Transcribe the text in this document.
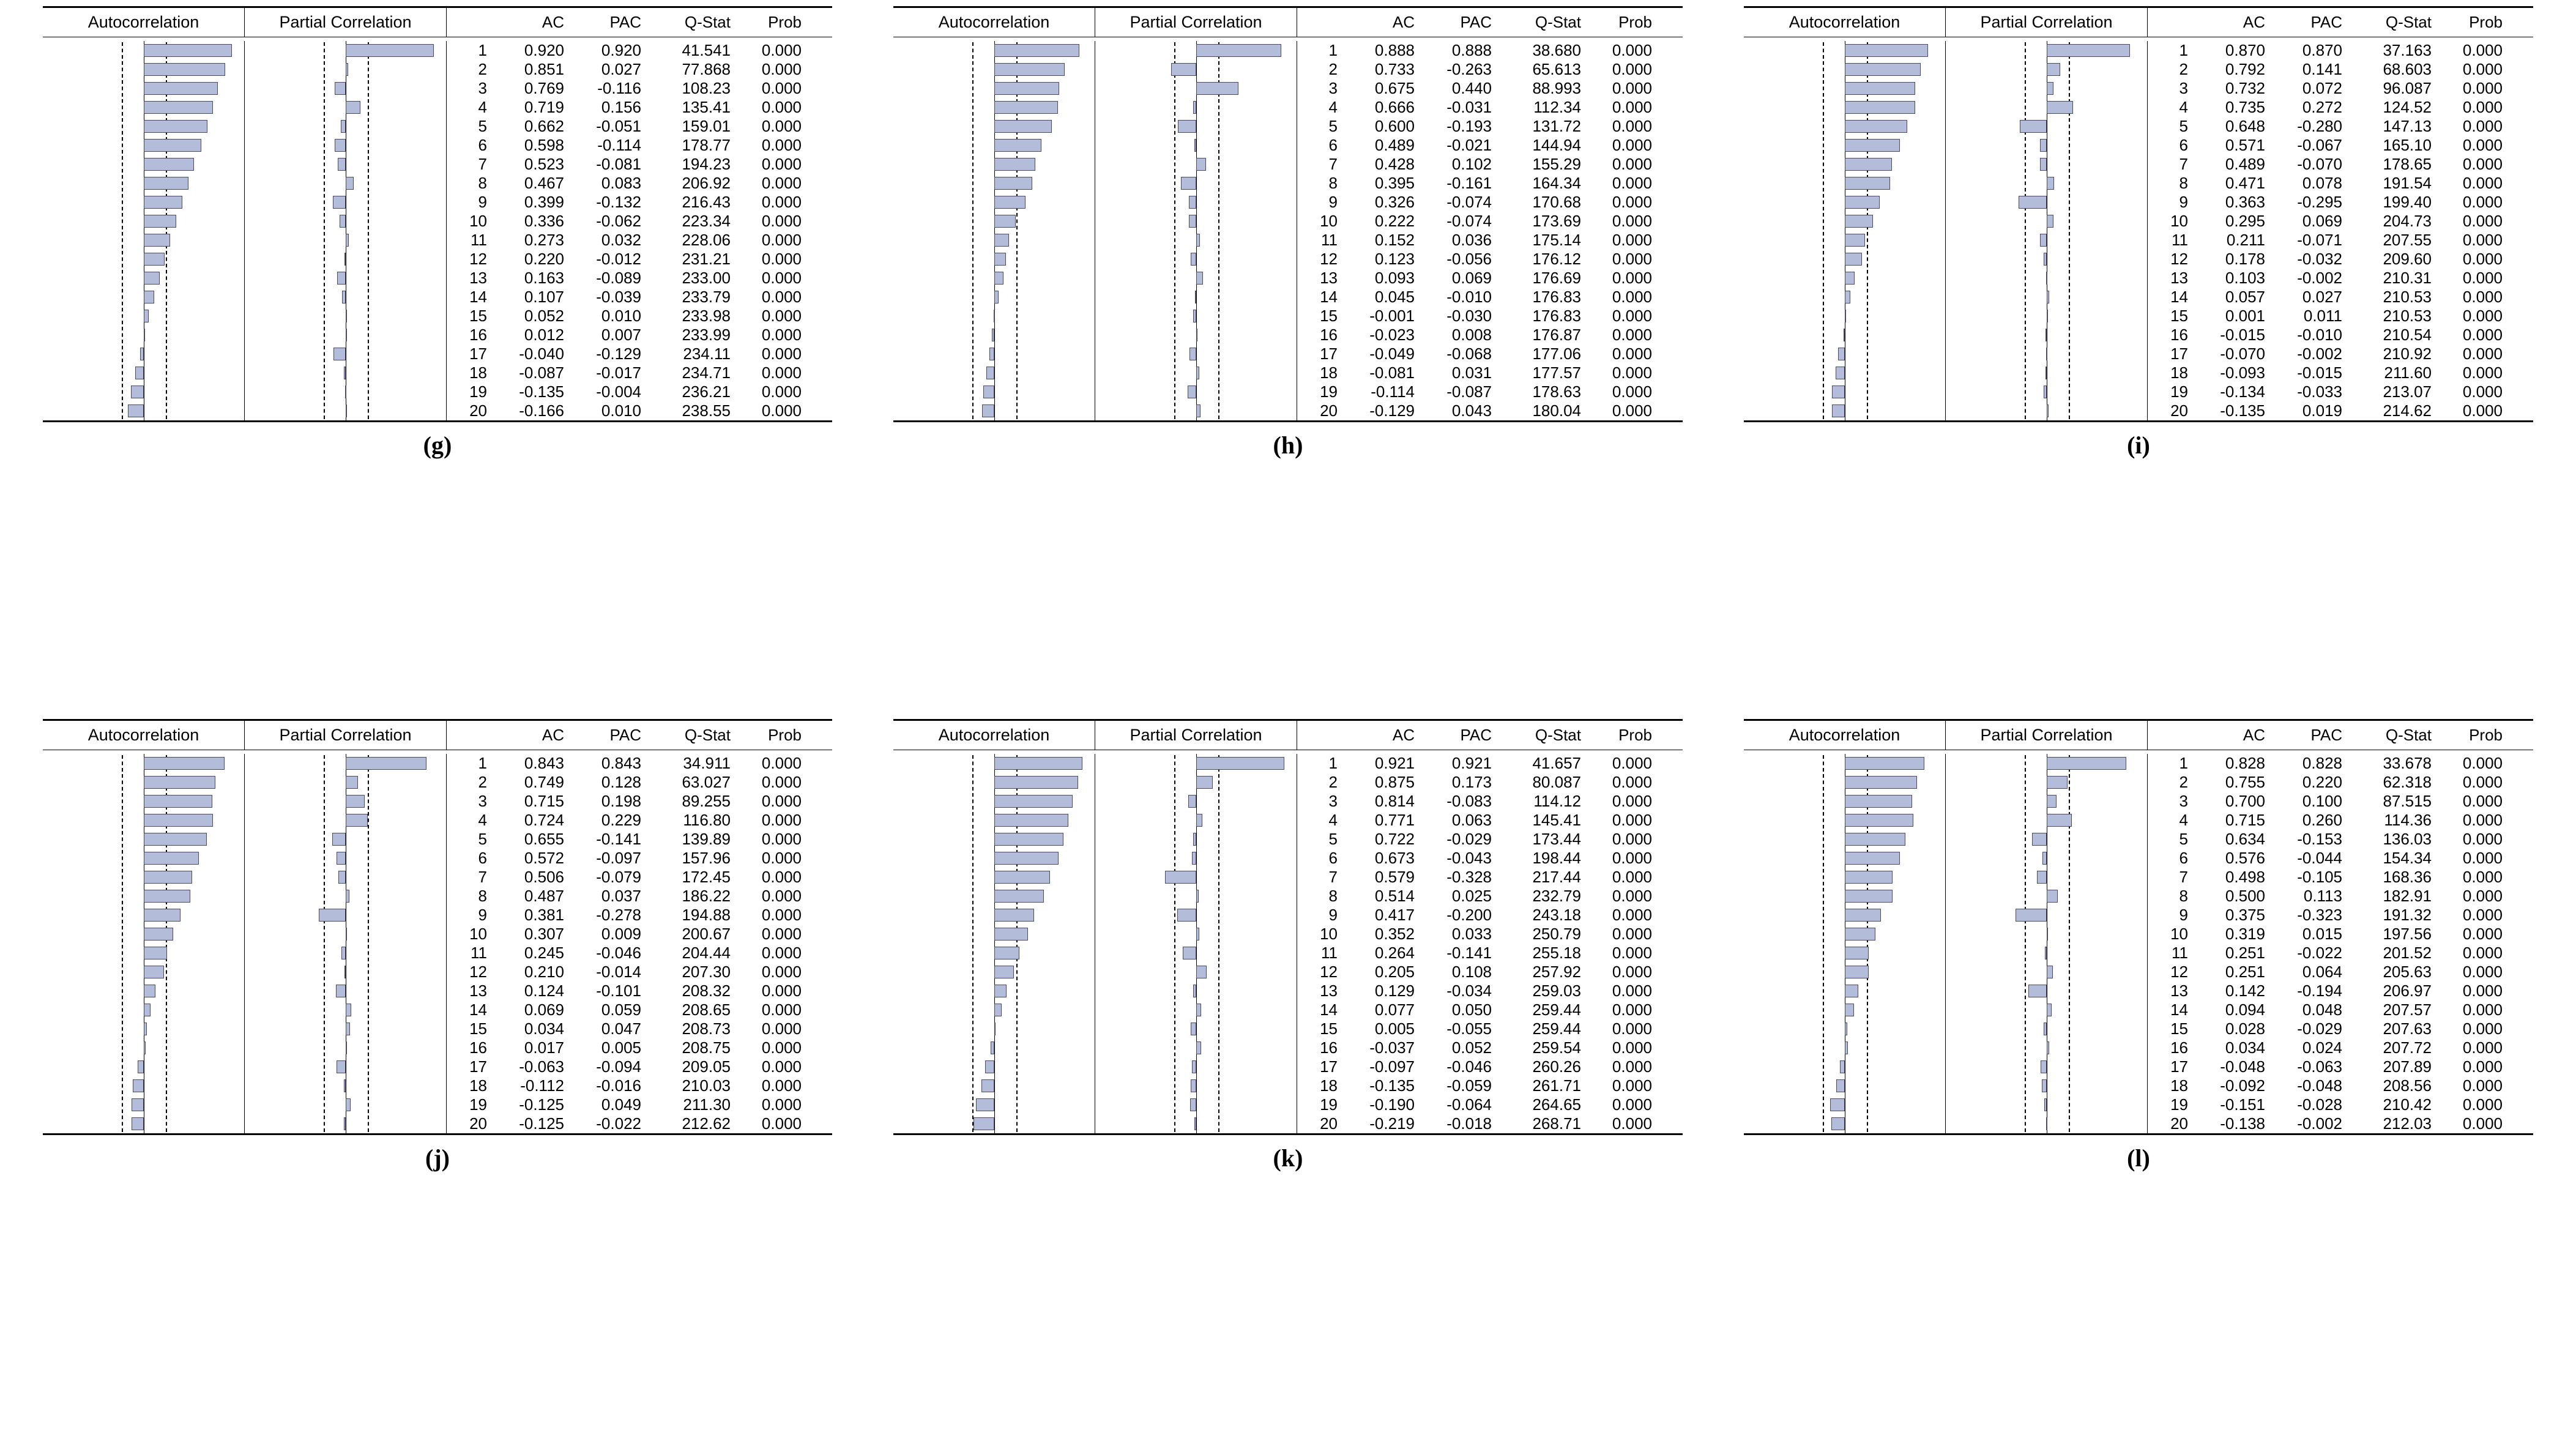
Autocorrelation	Partial Correlation	AC	PAC	Q-Stat	Prob
1	0.920	0.920	41.541	0.000
2	0.851	0.027	77.868	0.000
3	0.769	-0.116	108.23	0.000
4	0.719	0.156	135.41	0.000
5	0.662	-0.051	159.01	0.000
6	0.598	-0.114	178.77	0.000
7	0.523	-0.081	194.23	0.000
8	0.467	0.083	206.92	0.000
9	0.399	-0.132	216.43	0.000
10	0.336	-0.062	223.34	0.000
11	0.273	0.032	228.06	0.000
12	0.220	-0.012	231.21	0.000
13	0.163	-0.089	233.00	0.000
14	0.107	-0.039	233.79	0.000
15	0.052	0.010	233.98	0.000
16	0.012	0.007	233.99	0.000
17	-0.040	-0.129	234.11	0.000
18	-0.087	-0.017	234.71	0.000
19	-0.135	-0.004	236.21	0.000
20	-0.166	0.010	238.55	0.000
(g)
Autocorrelation	Partial Correlation	AC	PAC	Q-Stat	Prob
1	0.888	0.888	38.680	0.000
2	0.733	-0.263	65.613	0.000
3	0.675	0.440	88.993	0.000
4	0.666	-0.031	112.34	0.000
5	0.600	-0.193	131.72	0.000
6	0.489	-0.021	144.94	0.000
7	0.428	0.102	155.29	0.000
8	0.395	-0.161	164.34	0.000
9	0.326	-0.074	170.68	0.000
10	0.222	-0.074	173.69	0.000
11	0.152	0.036	175.14	0.000
12	0.123	-0.056	176.12	0.000
13	0.093	0.069	176.69	0.000
14	0.045	-0.010	176.83	0.000
15	-0.001	-0.030	176.83	0.000
16	-0.023	0.008	176.87	0.000
17	-0.049	-0.068	177.06	0.000
18	-0.081	0.031	177.57	0.000
19	-0.114	-0.087	178.63	0.000
20	-0.129	0.043	180.04	0.000
(h)
Autocorrelation	Partial Correlation	AC	PAC	Q-Stat	Prob
1	0.870	0.870	37.163	0.000
2	0.792	0.141	68.603	0.000
3	0.732	0.072	96.087	0.000
4	0.735	0.272	124.52	0.000
5	0.648	-0.280	147.13	0.000
6	0.571	-0.067	165.10	0.000
7	0.489	-0.070	178.65	0.000
8	0.471	0.078	191.54	0.000
9	0.363	-0.295	199.40	0.000
10	0.295	0.069	204.73	0.000
11	0.211	-0.071	207.55	0.000
12	0.178	-0.032	209.60	0.000
13	0.103	-0.002	210.31	0.000
14	0.057	0.027	210.53	0.000
15	0.001	0.011	210.53	0.000
16	-0.015	-0.010	210.54	0.000
17	-0.070	-0.002	210.92	0.000
18	-0.093	-0.015	211.60	0.000
19	-0.134	-0.033	213.07	0.000
20	-0.135	0.019	214.62	0.000
(i)
Autocorrelation	Partial Correlation	AC	PAC	Q-Stat	Prob
1	0.843	0.843	34.911	0.000
2	0.749	0.128	63.027	0.000
3	0.715	0.198	89.255	0.000
4	0.724	0.229	116.80	0.000
5	0.655	-0.141	139.89	0.000
6	0.572	-0.097	157.96	0.000
7	0.506	-0.079	172.45	0.000
8	0.487	0.037	186.22	0.000
9	0.381	-0.278	194.88	0.000
10	0.307	0.009	200.67	0.000
11	0.245	-0.046	204.44	0.000
12	0.210	-0.014	207.30	0.000
13	0.124	-0.101	208.32	0.000
14	0.069	0.059	208.65	0.000
15	0.034	0.047	208.73	0.000
16	0.017	0.005	208.75	0.000
17	-0.063	-0.094	209.05	0.000
18	-0.112	-0.016	210.03	0.000
19	-0.125	0.049	211.30	0.000
20	-0.125	-0.022	212.62	0.000
(j)
Autocorrelation	Partial Correlation	AC	PAC	Q-Stat	Prob
1	0.921	0.921	41.657	0.000
2	0.875	0.173	80.087	0.000
3	0.814	-0.083	114.12	0.000
4	0.771	0.063	145.41	0.000
5	0.722	-0.029	173.44	0.000
6	0.673	-0.043	198.44	0.000
7	0.579	-0.328	217.44	0.000
8	0.514	0.025	232.79	0.000
9	0.417	-0.200	243.18	0.000
10	0.352	0.033	250.79	0.000
11	0.264	-0.141	255.18	0.000
12	0.205	0.108	257.92	0.000
13	0.129	-0.034	259.03	0.000
14	0.077	0.050	259.44	0.000
15	0.005	-0.055	259.44	0.000
16	-0.037	0.052	259.54	0.000
17	-0.097	-0.046	260.26	0.000
18	-0.135	-0.059	261.71	0.000
19	-0.190	-0.064	264.65	0.000
20	-0.219	-0.018	268.71	0.000
(k)
Autocorrelation	Partial Correlation	AC	PAC	Q-Stat	Prob
1	0.828	0.828	33.678	0.000
2	0.755	0.220	62.318	0.000
3	0.700	0.100	87.515	0.000
4	0.715	0.260	114.36	0.000
5	0.634	-0.153	136.03	0.000
6	0.576	-0.044	154.34	0.000
7	0.498	-0.105	168.36	0.000
8	0.500	0.113	182.91	0.000
9	0.375	-0.323	191.32	0.000
10	0.319	0.015	197.56	0.000
11	0.251	-0.022	201.52	0.000
12	0.251	0.064	205.63	0.000
13	0.142	-0.194	206.97	0.000
14	0.094	0.048	207.57	0.000
15	0.028	-0.029	207.63	0.000
16	0.034	0.024	207.72	0.000
17	-0.048	-0.063	207.89	0.000
18	-0.092	-0.048	208.56	0.000
19	-0.151	-0.028	210.42	0.000
20	-0.138	-0.002	212.03	0.000
(l)
